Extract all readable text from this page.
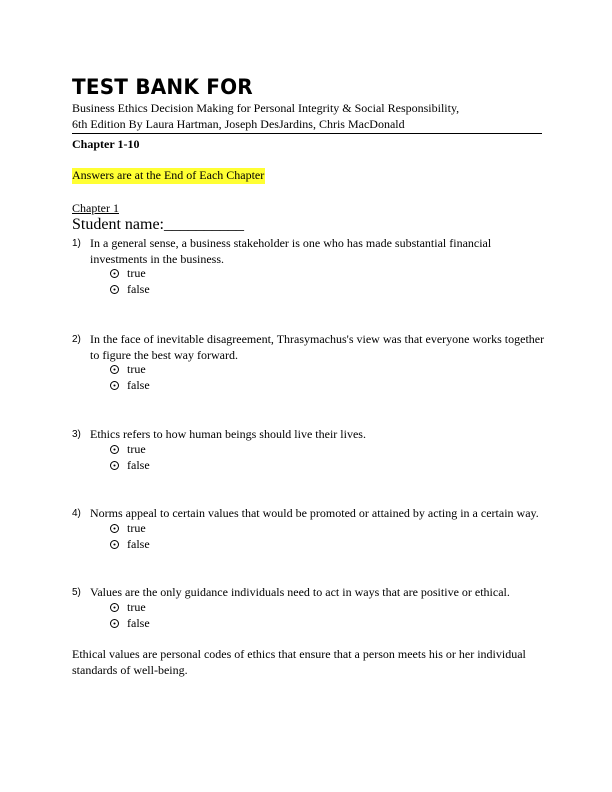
TEST BANK FOR
Business Ethics Decision Making for Personal Integrity & Social Responsibility,
6th Edition By Laura Hartman, Joseph DesJardins, Chris MacDonald
Chapter 1-10
Answers are at the End of Each Chapter
Chapter 1
Student name:__________
1) In a general sense, a business stakeholder is one who has made substantial financial investments in the business.
true
false
2) In the face of inevitable disagreement, Thrasymachus's view was that everyone works together to figure the best way forward.
true
false
3) Ethics refers to how human beings should live their lives.
true
false
4) Norms appeal to certain values that would be promoted or attained by acting in a certain way.
true
false
5) Values are the only guidance individuals need to act in ways that are positive or ethical.
true
false
Ethical values are personal codes of ethics that ensure that a person meets his or her individual standards of well-being.
